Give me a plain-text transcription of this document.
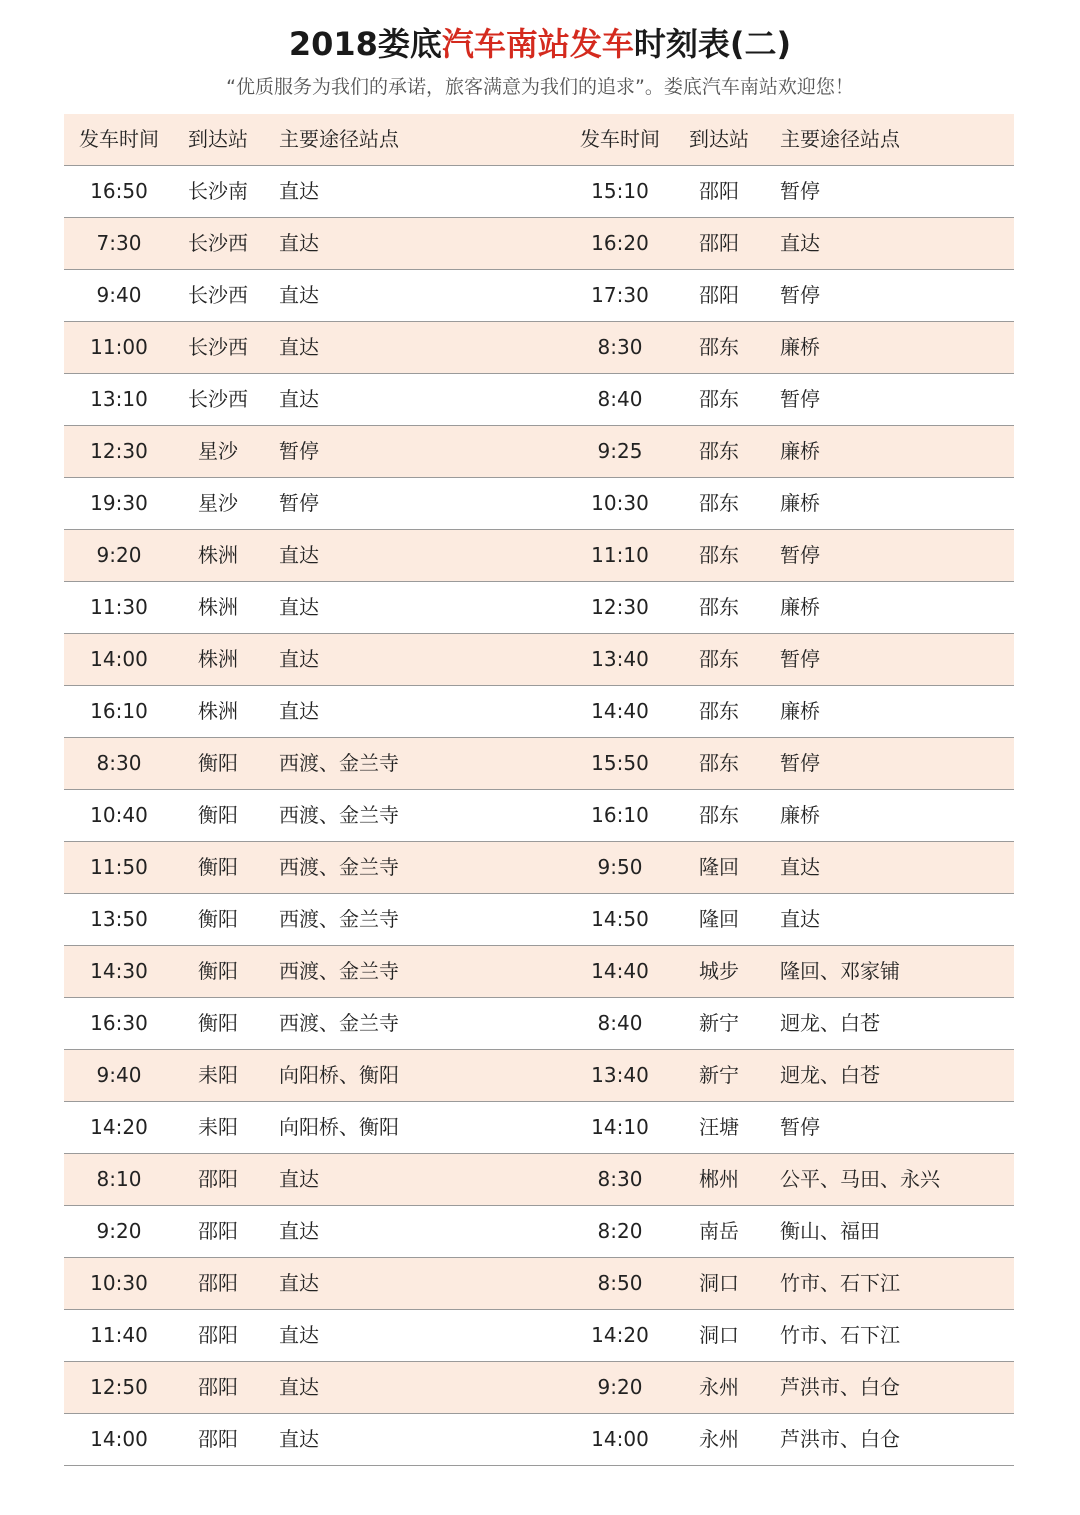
2018娄底汽车南站发车时刻表(二)
“优质服务为我们的承诺，旅客满意为我们的追求”。娄底汽车南站欢迎您！
发车时间	到达站	主要途径站点	发车时间	到达站	主要途径站点
16:50	长沙南	直达	15:10	邵阳	暂停
7:30	长沙西	直达	16:20	邵阳	直达
9:40	长沙西	直达	17:30	邵阳	暂停
11:00	长沙西	直达	8:30	邵东	廉桥
13:10	长沙西	直达	8:40	邵东	暂停
12:30	星沙	暂停	9:25	邵东	廉桥
19:30	星沙	暂停	10:30	邵东	廉桥
9:20	株洲	直达	11:10	邵东	暂停
11:30	株洲	直达	12:30	邵东	廉桥
14:00	株洲	直达	13:40	邵东	暂停
16:10	株洲	直达	14:40	邵东	廉桥
8:30	衡阳	西渡、金兰寺	15:50	邵东	暂停
10:40	衡阳	西渡、金兰寺	16:10	邵东	廉桥
11:50	衡阳	西渡、金兰寺	9:50	隆回	直达
13:50	衡阳	西渡、金兰寺	14:50	隆回	直达
14:30	衡阳	西渡、金兰寺	14:40	城步	隆回、邓家铺
16:30	衡阳	西渡、金兰寺	8:40	新宁	迥龙、白苍
9:40	耒阳	向阳桥、衡阳	13:40	新宁	迥龙、白苍
14:20	耒阳	向阳桥、衡阳	14:10	汪塘	暂停
8:10	邵阳	直达	8:30	郴州	公平、马田、永兴
9:20	邵阳	直达	8:20	南岳	衡山、福田
10:30	邵阳	直达	8:50	洞口	竹市、石下江
11:40	邵阳	直达	14:20	洞口	竹市、石下江
12:50	邵阳	直达	9:20	永州	芦洪市、白仓
14:00	邵阳	直达	14:00	永州	芦洪市、白仓
